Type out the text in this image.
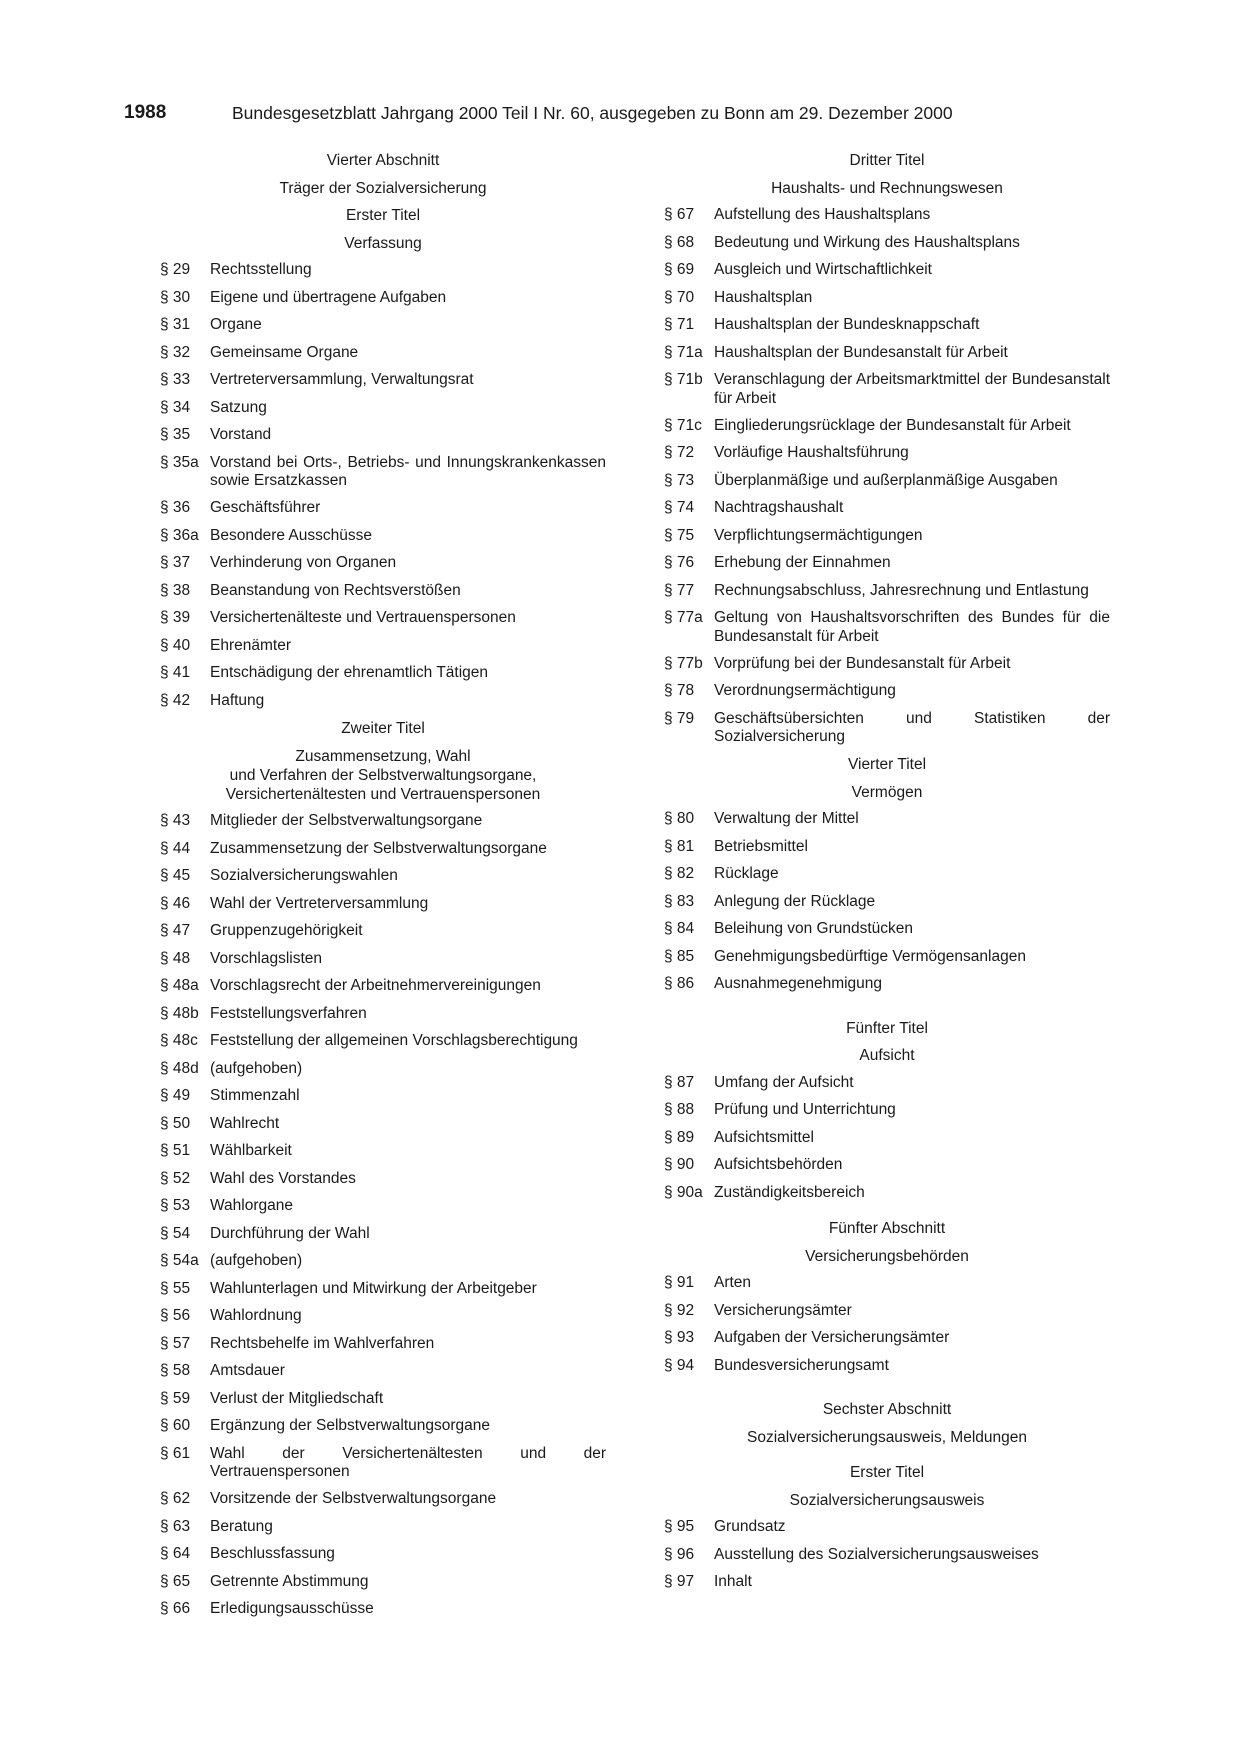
1988	Bundesgesetzblatt Jahrgang 2000 Teil I Nr. 60, ausgegeben zu Bonn am 29. Dezember 2000
Vierter Abschnitt
Träger der Sozialversicherung
Erster Titel
Verfassung
§ 29	Rechtsstellung
§ 30	Eigene und übertragene Aufgaben
§ 31	Organe
§ 32	Gemeinsame Organe
§ 33	Vertreterversammlung, Verwaltungsrat
§ 34	Satzung
§ 35	Vorstand
§ 35a Vorstand bei Orts-, Betriebs- und Innungskrankenkassen sowie Ersatzkassen
§ 36	Geschäftsführer
§ 36a Besondere Ausschüsse
§ 37	Verhinderung von Organen
§ 38	Beanstandung von Rechtsverstößen
§ 39	Versichertenälteste und Vertrauenspersonen
§ 40	Ehrenämter
§ 41	Entschädigung der ehrenamtlich Tätigen
§ 42	Haftung
Zweiter Titel
Zusammensetzung, Wahl
und Verfahren der Selbstverwaltungsorgane,
Versichertenältesten und Vertrauenspersonen
§ 43	Mitglieder der Selbstverwaltungsorgane
§ 44	Zusammensetzung der Selbstverwaltungsorgane
§ 45	Sozialversicherungswahlen
§ 46	Wahl der Vertreterversammlung
§ 47	Gruppenzugehörigkeit
§ 48	Vorschlagslisten
§ 48a Vorschlagsrecht der Arbeitnehmervereinigungen
§ 48b Feststellungsverfahren
§ 48c Feststellung der allgemeinen Vorschlagsberechtigung
§ 48d (aufgehoben)
§ 49	Stimmenzahl
§ 50	Wahlrecht
§ 51	Wählbarkeit
§ 52	Wahl des Vorstandes
§ 53	Wahlorgane
§ 54	Durchführung der Wahl
§ 54a (aufgehoben)
§ 55	Wahlunterlagen und Mitwirkung der Arbeitgeber
§ 56	Wahlordnung
§ 57	Rechtsbehelfe im Wahlverfahren
§ 58	Amtsdauer
§ 59	Verlust der Mitgliedschaft
§ 60	Ergänzung der Selbstverwaltungsorgane
§ 61	Wahl der Versichertenältesten und der Vertrauenspersonen
§ 62	Vorsitzende der Selbstverwaltungsorgane
§ 63	Beratung
§ 64	Beschlussfassung
§ 65	Getrennte Abstimmung
§ 66	Erledigungsausschüsse
Dritter Titel
Haushalts- und Rechnungswesen
§ 67	Aufstellung des Haushaltsplans
§ 68	Bedeutung und Wirkung des Haushaltsplans
§ 69	Ausgleich und Wirtschaftlichkeit
§ 70	Haushaltsplan
§ 71	Haushaltsplan der Bundesknappschaft
§ 71a Haushaltsplan der Bundesanstalt für Arbeit
§ 71b Veranschlagung der Arbeitsmarktmittel der Bundesanstalt für Arbeit
§ 71c Eingliederungsrücklage der Bundesanstalt für Arbeit
§ 72	Vorläufige Haushaltsführung
§ 73	Überplanmäßige und außerplanmäßige Ausgaben
§ 74	Nachtragshaushalt
§ 75	Verpflichtungsermächtigungen
§ 76	Erhebung der Einnahmen
§ 77	Rechnungsabschluss, Jahresrechnung und Entlastung
§ 77a Geltung von Haushaltsvorschriften des Bundes für die Bundesanstalt für Arbeit
§ 77b Vorprüfung bei der Bundesanstalt für Arbeit
§ 78	Verordnungsermächtigung
§ 79	Geschäftsübersichten und Statistiken der Sozialversicherung
Vierter Titel
Vermögen
§ 80	Verwaltung der Mittel
§ 81	Betriebsmittel
§ 82	Rücklage
§ 83	Anlegung der Rücklage
§ 84	Beleihung von Grundstücken
§ 85	Genehmigungsbedürftige Vermögensanlagen
§ 86	Ausnahmegenehmigung
Fünfter Titel
Aufsicht
§ 87	Umfang der Aufsicht
§ 88	Prüfung und Unterrichtung
§ 89	Aufsichtsmittel
§ 90	Aufsichtsbehörden
§ 90a Zuständigkeitsbereich
Fünfter Abschnitt
Versicherungsbehörden
§ 91	Arten
§ 92	Versicherungsämter
§ 93	Aufgaben der Versicherungsämter
§ 94	Bundesversicherungsamt
Sechster Abschnitt
Sozialversicherungsausweis, Meldungen
Erster Titel
Sozialversicherungsausweis
§ 95	Grundsatz
§ 96	Ausstellung des Sozialversicherungsausweises
§ 97	Inhalt
